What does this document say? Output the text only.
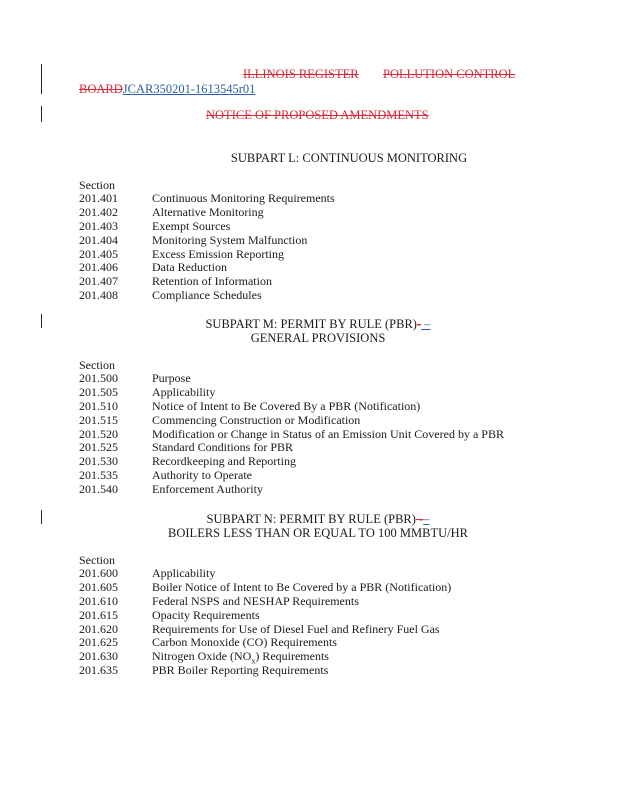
ILLINOIS REGISTER POLLUTION CONTROL
BOARDJCAR350201-1613545r01
NOTICE OF PROPOSED AMENDMENTS
SUBPART L: CONTINUOUS MONITORING
Section
201.401	Continuous Monitoring Requirements
201.402	Alternative Monitoring
201.403	Exempt Sources
201.404	Monitoring System Malfunction
201.405	Excess Emission Reporting
201.406	Data Reduction
201.407	Retention of Information
201.408	Compliance Schedules
SUBPART M: PERMIT BY RULE (PBR)- –
GENERAL PROVISIONS
Section
201.500	Purpose
201.505	Applicability
201.510	Notice of Intent to Be Covered By a PBR (Notification)
201.515	Commencing Construction or Modification
201.520	Modification or Change in Status of an Emission Unit Covered by a PBR
201.525	Standard Conditions for PBR
201.530	Recordkeeping and Reporting
201.535	Authority to Operate
201.540	Enforcement Authority
SUBPART N: PERMIT BY RULE (PBR) -–
BOILERS LESS THAN OR EQUAL TO 100 MMBTU/HR
Section
201.600	Applicability
201.605	Boiler Notice of Intent to Be Covered by a PBR (Notification)
201.610	Federal NSPS and NESHAP Requirements
201.615	Opacity Requirements
201.620	Requirements for Use of Diesel Fuel and Refinery Fuel Gas
201.625	Carbon Monoxide (CO) Requirements
201.630	Nitrogen Oxide $(NO_x)$ Requirements
201.635	PBR Boiler Reporting Requirements
